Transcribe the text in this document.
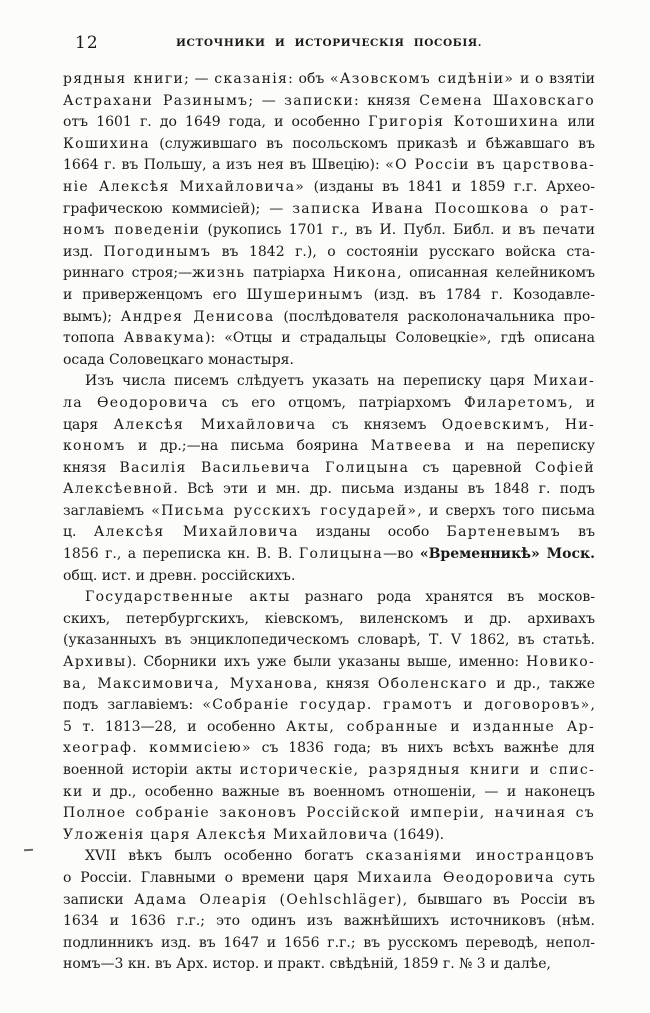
12	ИСТОЧНИКИ И ИСТОРИЧЕСКІЯ ПОСОБІЯ.
рядныя книги; — сказанія: объ «Азовскомъ сидѣніи» и о взятіи
Астрахани Разинымъ; — записки: князя Семена Шаховскаго
отъ 1601 г. до 1649 года, и особенно Григорія Котошихина или
Кошихина (служившаго въ посольскомъ приказѣ и бѣжавшаго въ
1664 г. въ Польшу, а изъ нея въ Швецію): «О Россіи въ царствова-
ніе Алексѣя Михайловича» (изданы въ 1841 и 1859 г.г. Архео-
графическою коммисіей); — записка Ивана Посошкова о рат-
номъ поведеніи (рукопись 1701 г., въ И. Публ. Библ. и въ печати
изд. Погодинымъ въ 1842 г.), о состояніи русскаго войска ста-
риннаго строя;—жизнь патріарха Никона, описанная келейникомъ
и приверженцомъ его Шушеринымъ (изд. въ 1784 г. Козодавле-
вымъ); Андрея Денисова (послѣдователя расколоначальника про-
топопа Аввакума): «Отцы и страдальцы Соловецкіе», гдѣ описана
осада Соловецкаго монастыря.
Изъ числа писемъ слѣдуетъ указать на переписку царя Михаи-
ла Ѳеодоровича съ его отцомъ, патріархомъ Филаретомъ, и
царя Алексѣя Михайловича съ княземъ Одоевскимъ, Ни-
кономъ и др.;—на письма боярина Матвеева и на переписку
князя Василія Васильевича Голицына съ царевной Софіей
Алексѣевной. Всѣ эти и мн. др. письма изданы въ 1848 г. подъ
заглавіемъ «Письма русскихъ государей», и сверхъ того письма
ц. Алексѣя Михайловича изданы особо Бартеневымъ въ
1856 г., а переписка кн. В. В. Голицына—во «Временникѣ» Моск.
общ. ист. и древн. россійскихъ.
Государственные акты разнаго рода хранятся въ москов-
скихъ, петербургскихъ, кіевскомъ, виленскомъ и др. архивахъ
(указанныхъ въ энциклопедическомъ словарѣ, Т. V 1862, въ статьѣ.
Архивы). Сборники ихъ уже были указаны выше, именно: Новико-
ва, Максимовича, Муханова, князя Оболенскаго и др., также
подъ заглавіемъ: «Собраніе государ. грамотъ и договоровъ»,
5 т. 1813—28, и особенно Акты, собранные и изданные Ар-
хеограф. коммисіею» съ 1836 года; въ нихъ всѣхъ важнѣе для
военной исторіи акты историческіе, разрядныя книги и спис-
ки и др., особенно важные въ военномъ отношеніи, — и наконецъ
Полное собраніе законовъ Россійской имперіи, начиная съ
Уложенія царя Алексѣя Михайловича (1649).
XVII вѣкъ былъ особенно богатъ сказаніями иностранцовъ
о Россіи. Главными о времени царя Михаила Ѳеодоровича суть
записки Адама Олеарія (Oehlschläger), бывшаго въ Россіи въ
1634 и 1636 г.г.; это одинъ изъ важнѣйшихъ источниковъ (нѣм.
подлинникъ изд. въ 1647 и 1656 г.г.; въ русскомъ переводѣ, непол-
номъ—3 кн. въ Арх. истор. и практ. свѣдѣній, 1859 г. № 3 и далѣе,
